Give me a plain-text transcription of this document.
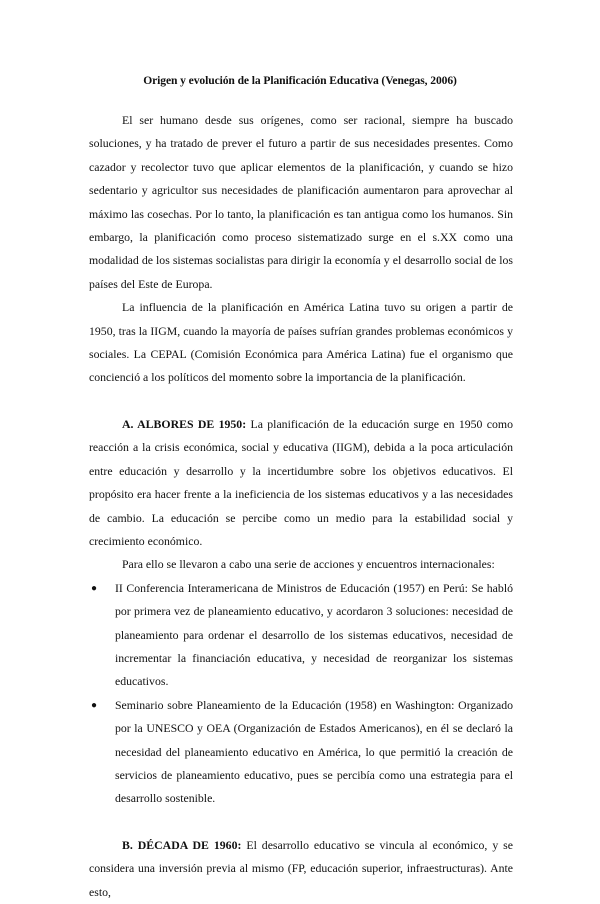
Origen y evolución de la Planificación Educativa (Venegas, 2006)

El ser humano desde sus orígenes, como ser racional, siempre ha buscado soluciones, y ha tratado de prever el futuro a partir de sus necesidades presentes. Como cazador y recolector tuvo que aplicar elementos de la planificación, y cuando se hizo sedentario y agricultor sus necesidades de planificación aumentaron para aprovechar al máximo las cosechas. Por lo tanto, la planificación es tan antigua como los humanos. Sin embargo, la planificación como proceso sistematizado surge en el s.XX como una modalidad de los sistemas socialistas para dirigir la economía y el desarrollo social de los países del Este de Europa.

La influencia de la planificación en América Latina tuvo su origen a partir de 1950, tras la IIGM, cuando la mayoría de países sufrían grandes problemas económicos y sociales. La CEPAL (Comisión Económica para América Latina) fue el organismo que concienció a los políticos del momento sobre la importancia de la planificación.

A. ALBORES DE 1950: La planificación de la educación surge en 1950 como reacción a la crisis económica, social y educativa (IIGM), debida a la poca articulación entre educación y desarrollo y la incertidumbre sobre los objetivos educativos. El propósito era hacer frente a la ineficiencia de los sistemas educativos y a las necesidades de cambio. La educación se percibe como un medio para la estabilidad social y crecimiento económico.

Para ello se llevaron a cabo una serie de acciones y encuentros internacionales:

● II Conferencia Interamericana de Ministros de Educación (1957) en Perú: Se habló por primera vez de planeamiento educativo, y acordaron 3 soluciones: necesidad de planeamiento para ordenar el desarrollo de los sistemas educativos, necesidad de incrementar la financiación educativa, y necesidad de reorganizar los sistemas educativos.
● Seminario sobre Planeamiento de la Educación (1958) en Washington: Organizado por la UNESCO y OEA (Organización de Estados Americanos), en él se declaró la necesidad del planeamiento educativo en América, lo que permitió la creación de servicios de planeamiento educativo, pues se percibía como una estrategia para el desarrollo sostenible.

B. DÉCADA DE 1960: El desarrollo educativo se vincula al económico, y se considera una inversión previa al mismo (FP, educación superior, infraestructuras). Ante esto,
